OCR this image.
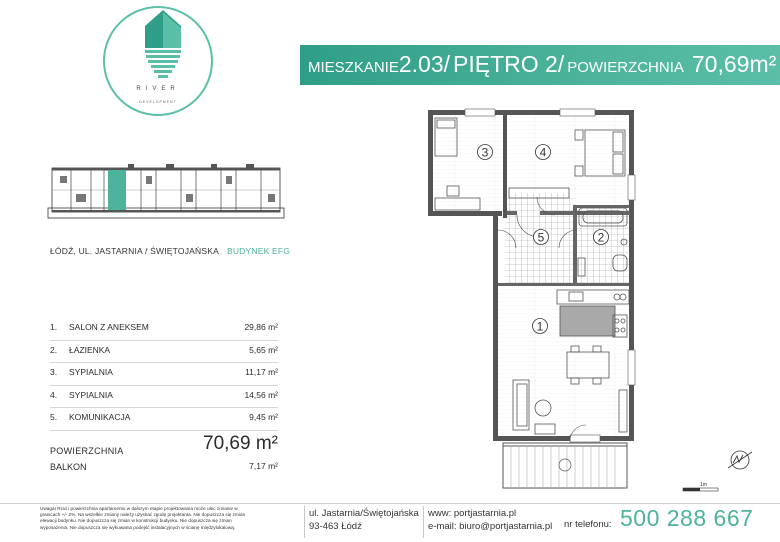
RIVER
DEVELOPMENT
MIESZKANIE 2.03/ PIĘTRO 2/ POWIERZCHNIA 70,69m²
ŁÓDŹ, UL. JASTARNIA / ŚWIĘTOJAŃSKA BUDYNEK EFG
1. SALON Z ANEKSEM	29,86 m²
2. ŁAZIENKA	5,65 m²
3. SYPIALNIA	11,17 m²
4. SYPIALNIA	14,56 m²
5. KOMUNIKACJA	9,45 m²
POWIERZCHNIA	70,69 m²
BALKON	7,17 m²
3	4
5	2
1
1m
Uwaga! Rzut i powierzchnia apartamentu w dalszym etapie projektowania może ulec zmianie w
granicach +/- 2%. Na wszelkie zmiany należy uzyskać zgodę projektanta. Nie dopuszcza się zmian
elewacji budynku. Nie dopuszcza się zmian w konstrukcji budynku. Nie dopuszcza się zmian
wyposażenia. Nie dopuszcza się wykuwania podejść instalacyjnych w ścianę międzylokalową.
ul. Jastarnia/Świętojańska
93-463 Łódź
www: portjastarnia.pl
e-mail: biuro@portjastarnia.pl nr telefonu: 500 288 667
